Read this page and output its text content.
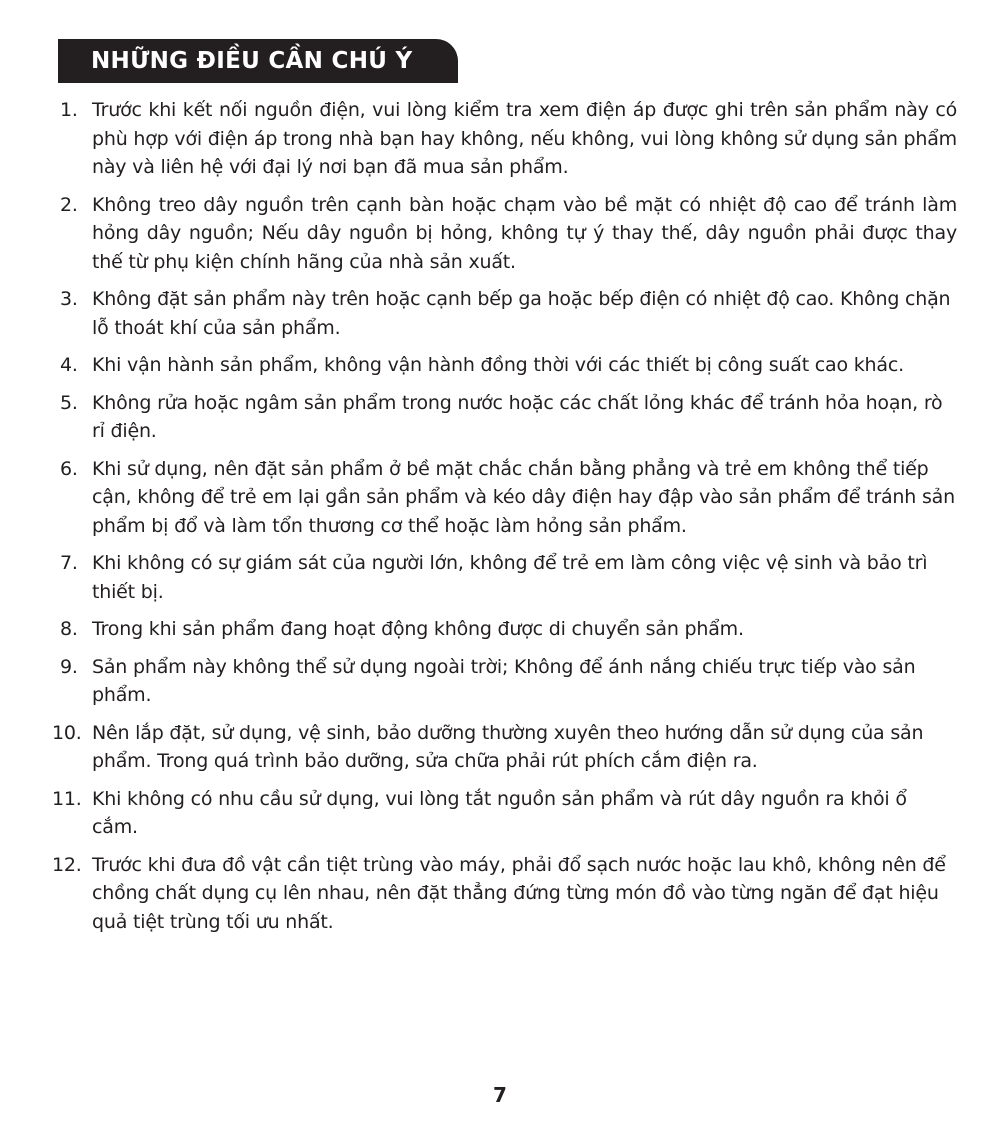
NHỮNG ĐIỀU CẦN CHÚ Ý
1. Trước khi kết nối nguồn điện, vui lòng kiểm tra xem điện áp được ghi trên sản phẩm này có phù hợp với điện áp trong nhà bạn hay không, nếu không, vui lòng không sử dụng sản phẩm này và liên hệ với đại lý nơi bạn đã mua sản phẩm.
2. Không treo dây nguồn trên cạnh bàn hoặc chạm vào bề mặt có nhiệt độ cao để tránh làm hỏng dây nguồn; Nếu dây nguồn bị hỏng, không tự ý thay thế, dây nguồn phải được thay thế từ phụ kiện chính hãng của nhà sản xuất.
3. Không đặt sản phẩm này trên hoặc cạnh bếp ga hoặc bếp điện có nhiệt độ cao. Không chặn lỗ thoát khí của sản phẩm.
4. Khi vận hành sản phẩm, không vận hành đồng thời với các thiết bị công suất cao khác.
5. Không rửa hoặc ngâm sản phẩm trong nước hoặc các chất lỏng khác để tránh hỏa hoạn, rò rỉ điện.
6. Khi sử dụng, nên đặt sản phẩm ở bề mặt chắc chắn bằng phẳng và trẻ em không thể tiếp cận, không để trẻ em lại gần sản phẩm và kéo dây điện hay đập vào sản phẩm để tránh sản phẩm bị đổ và làm tổn thương cơ thể hoặc làm hỏng sản phẩm.
7. Khi không có sự giám sát của người lớn, không để trẻ em làm công việc vệ sinh và bảo trì thiết bị.
8. Trong khi sản phẩm đang hoạt động không được di chuyển sản phẩm.
9. Sản phẩm này không thể sử dụng ngoài trời; Không để ánh nắng chiếu trực tiếp vào sản phẩm.
10. Nên lắp đặt, sử dụng, vệ sinh, bảo dưỡng thường xuyên theo hướng dẫn sử dụng của sản phẩm. Trong quá trình bảo dưỡng, sửa chữa phải rút phích cắm điện ra.
11. Khi không có nhu cầu sử dụng, vui lòng tắt nguồn sản phẩm và rút dây nguồn ra khỏi ổ cắm.
12. Trước khi đưa đồ vật cần tiệt trùng vào máy, phải đổ sạch nước hoặc lau khô, không nên để chồng chất dụng cụ lên nhau, nên đặt thẳng đứng từng món đồ vào từng ngăn để đạt hiệu quả tiệt trùng tối ưu nhất.
7
